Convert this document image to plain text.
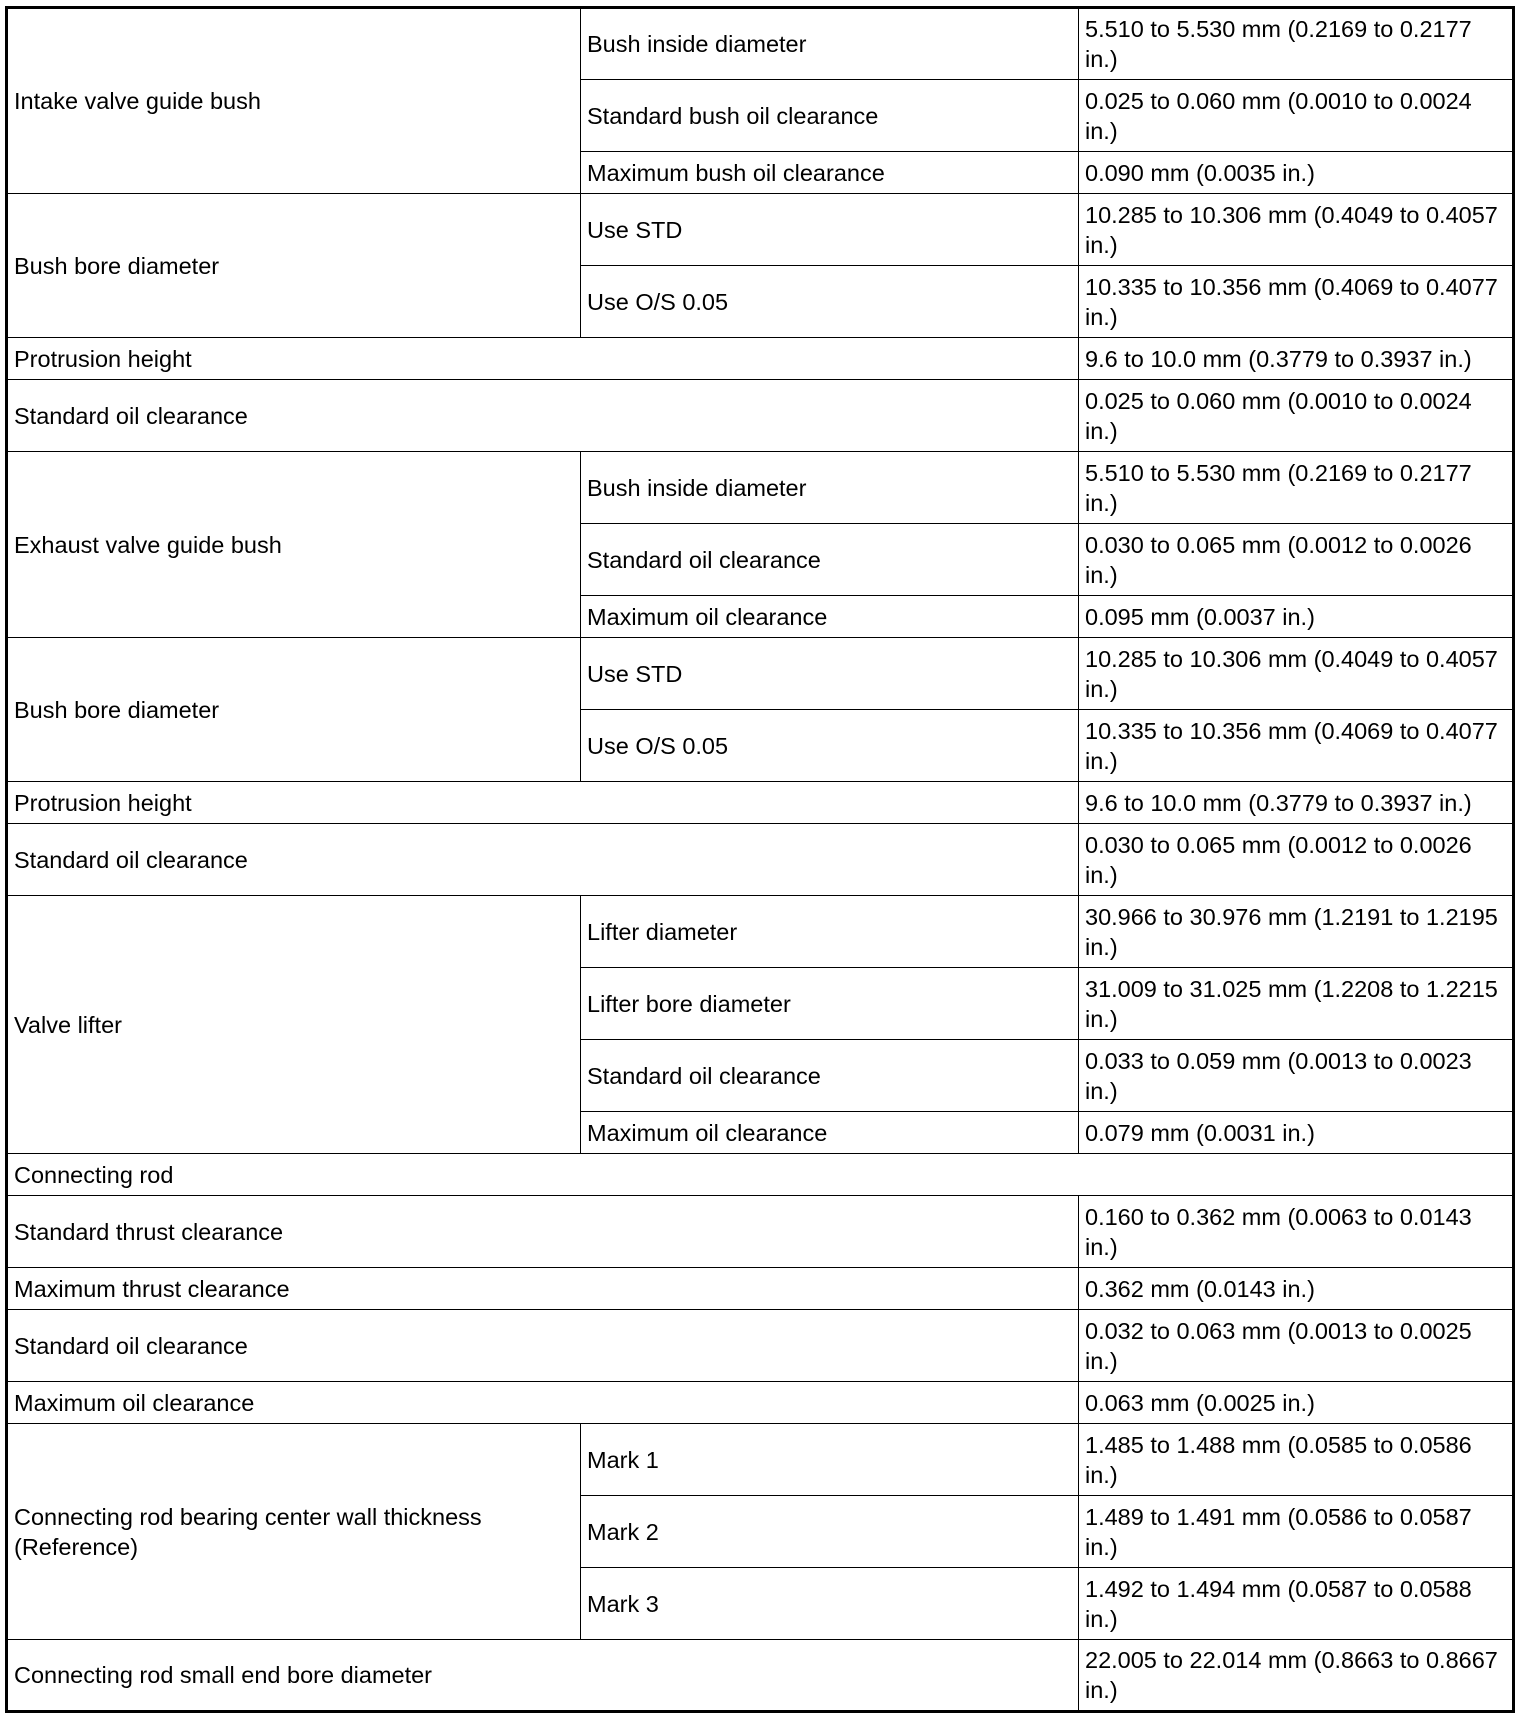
Intake valve guide bush	Bush inside diameter	5.510 to 5.530 mm (0.2169 to 0.2177 in.)
	Standard bush oil clearance	0.025 to 0.060 mm (0.0010 to 0.0024 in.)
	Maximum bush oil clearance	0.090 mm (0.0035 in.)
Bush bore diameter	Use STD	10.285 to 10.306 mm (0.4049 to 0.4057 in.)
	Use O/S 0.05	10.335 to 10.356 mm (0.4069 to 0.4077 in.)
Protrusion height		9.6 to 10.0 mm (0.3779 to 0.3937 in.)
Standard oil clearance		0.025 to 0.060 mm (0.0010 to 0.0024 in.)
Exhaust valve guide bush	Bush inside diameter	5.510 to 5.530 mm (0.2169 to 0.2177 in.)
	Standard oil clearance	0.030 to 0.065 mm (0.0012 to 0.0026 in.)
	Maximum oil clearance	0.095 mm (0.0037 in.)
Bush bore diameter	Use STD	10.285 to 10.306 mm (0.4049 to 0.4057 in.)
	Use O/S 0.05	10.335 to 10.356 mm (0.4069 to 0.4077 in.)
Protrusion height		9.6 to 10.0 mm (0.3779 to 0.3937 in.)
Standard oil clearance		0.030 to 0.065 mm (0.0012 to 0.0026 in.)
Valve lifter	Lifter diameter	30.966 to 30.976 mm (1.2191 to 1.2195 in.)
	Lifter bore diameter	31.009 to 31.025 mm (1.2208 to 1.2215 in.)
	Standard oil clearance	0.033 to 0.059 mm (0.0013 to 0.0023 in.)
	Maximum oil clearance	0.079 mm (0.0031 in.)
Connecting rod		
Standard thrust clearance		0.160 to 0.362 mm (0.0063 to 0.0143 in.)
Maximum thrust clearance		0.362 mm (0.0143 in.)
Standard oil clearance		0.032 to 0.063 mm (0.0013 to 0.0025 in.)
Maximum oil clearance		0.063 mm (0.0025 in.)
Connecting rod bearing center wall thickness (Reference)	Mark 1	1.485 to 1.488 mm (0.0585 to 0.0586 in.)
	Mark 2	1.489 to 1.491 mm (0.0586 to 0.0587 in.)
	Mark 3	1.492 to 1.494 mm (0.0587 to 0.0588 in.)
Connecting rod small end bore diameter		22.005 to 22.014 mm (0.8663 to 0.8667 in.)
